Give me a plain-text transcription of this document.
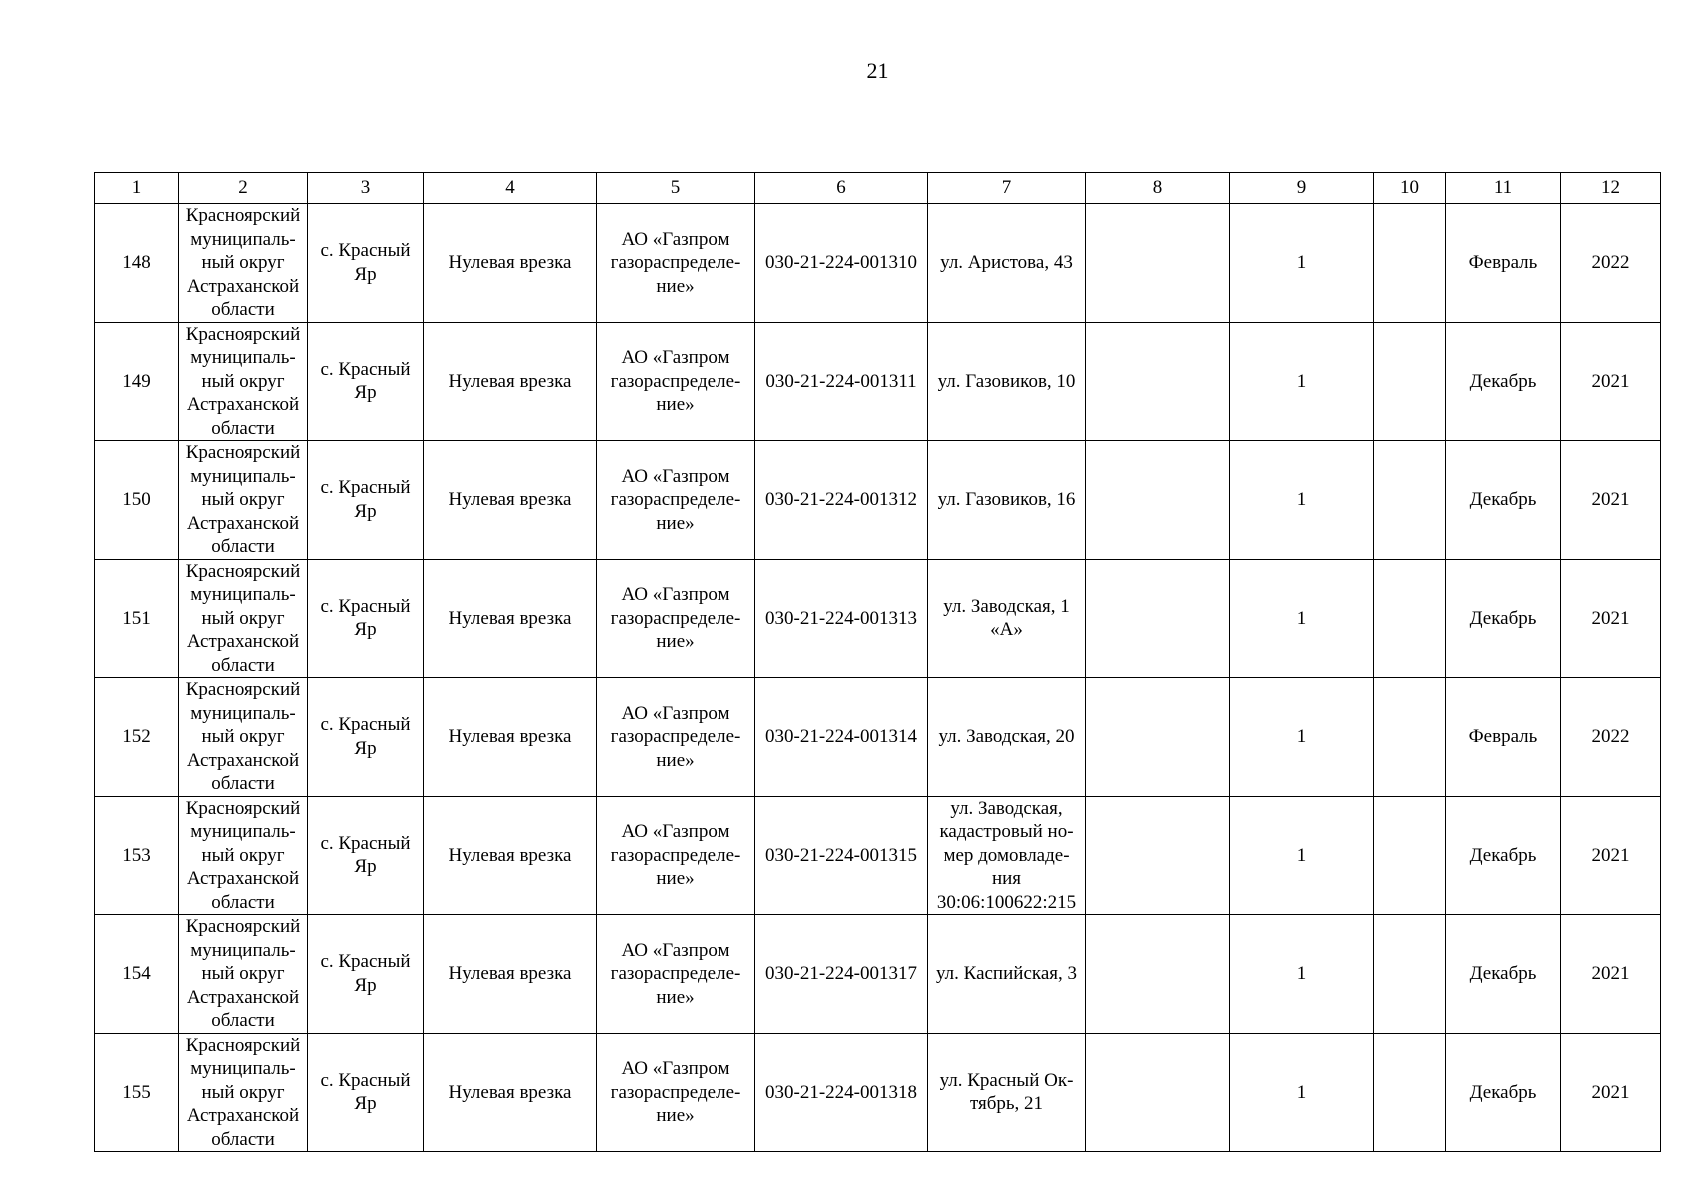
21
1	2	3	4	5	6	7	8	9	10	11	12

148	Красноярский
муниципаль-
ный округ
Астраханской
области	с. Красный
Яр	Нулевая врезка	АО «Газпром
газораспределе-
ние»	030-21-224-001310	ул. Аристова, 43		1		Февраль	2022

149	Красноярский
муниципаль-
ный округ
Астраханской
области	с. Красный
Яр	Нулевая врезка	АО «Газпром
газораспределе-
ние»	030-21-224-001311	ул. Газовиков, 10		1		Декабрь	2021

150	Красноярский
муниципаль-
ный округ
Астраханской
области	с. Красный
Яр	Нулевая врезка	АО «Газпром
газораспределе-
ние»	030-21-224-001312	ул. Газовиков, 16		1		Декабрь	2021

151	Красноярский
муниципаль-
ный округ
Астраханской
области	с. Красный
Яр	Нулевая врезка	АО «Газпром
газораспределе-
ние»	030-21-224-001313	ул. Заводская, 1
«А»		1		Декабрь	2021

152	Красноярский
муниципаль-
ный округ
Астраханской
области	с. Красный
Яр	Нулевая врезка	АО «Газпром
газораспределе-
ние»	030-21-224-001314	ул. Заводская, 20		1		Февраль	2022

153	Красноярский
муниципаль-
ный округ
Астраханской
области	с. Красный
Яр	Нулевая врезка	АО «Газпром
газораспределе-
ние»	030-21-224-001315	ул. Заводская,
кадастровый но-
мер домовладе-
ния
30:06:100622:215		1		Декабрь	2021

154	Красноярский
муниципаль-
ный округ
Астраханской
области	с. Красный
Яр	Нулевая врезка	АО «Газпром
газораспределе-
ние»	030-21-224-001317	ул. Каспийская, 3		1		Декабрь	2021

155	Красноярский
муниципаль-
ный округ
Астраханской
области	с. Красный
Яр	Нулевая врезка	АО «Газпром
газораспределе-
ние»	030-21-224-001318	ул. Красный Ок-
тябрь, 21		1		Декабрь	2021
